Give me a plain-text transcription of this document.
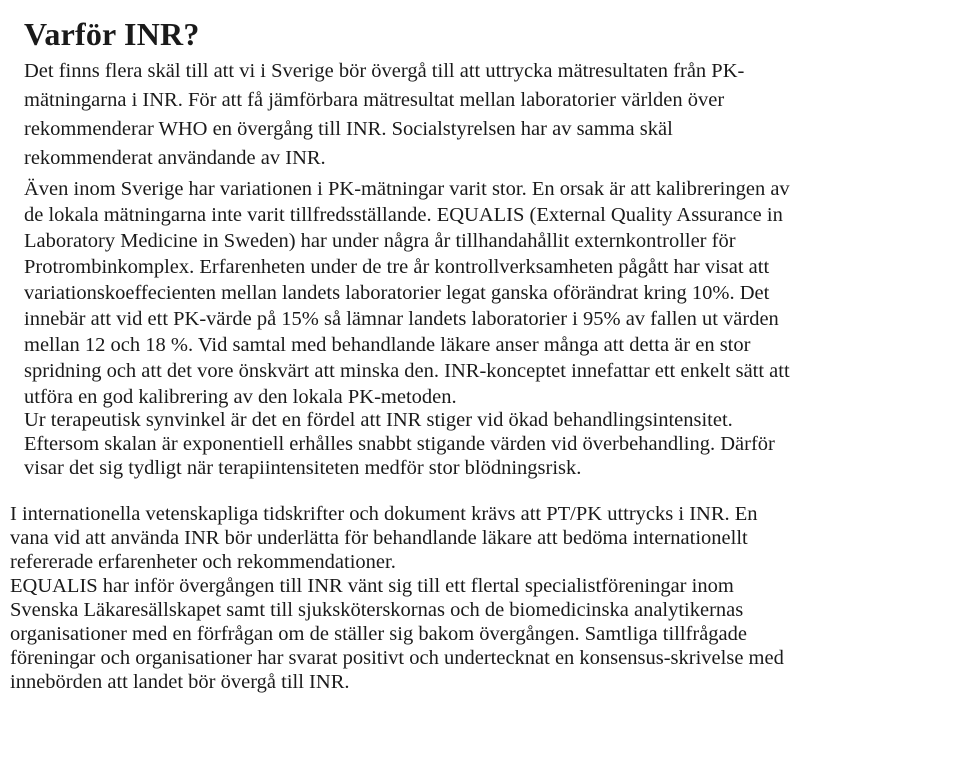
Varför INR?

Det finns flera skäl till att vi i Sverige bör övergå till att uttrycka mätresultaten från PK-

mätningarna i INR. För att få jämförbara mätresultat mellan laboratorier världen över

rekommenderar WHO en övergång till INR. Socialstyrelsen har av samma skäl

rekommenderat användande av INR.

Även inom Sverige har variationen i PK-mätningar varit stor. En orsak är att kalibreringen av

de lokala mätningarna inte varit tillfredsställande. EQUALIS (External Quality Assurance in

Laboratory Medicine in Sweden) har under några år tillhandahållit externkontroller för

Protrombinkomplex. Erfarenheten under de tre år kontrollverksamheten pågått har visat att

variationskoeffecienten mellan landets laboratorier legat ganska oförändrat kring 10%. Det

innebär att vid ett PK-värde på 15% så lämnar landets laboratorier i 95% av fallen ut värden

mellan 12 och 18 %. Vid samtal med behandlande läkare anser många att detta är en stor

spridning och att det vore önskvärt att minska den. INR-konceptet innefattar ett enkelt sätt att

utföra en god kalibrering av den lokala PK-metoden.

Ur terapeutisk synvinkel är det en fördel att INR stiger vid ökad behandlingsintensitet.

Eftersom skalan är exponentiell erhålles snabbt stigande värden vid överbehandling. Därför

visar det sig tydligt när terapiintensiteten medför stor blödningsrisk.

I internationella vetenskapliga tidskrifter och dokument krävs att PT/PK uttrycks i INR. En

vana vid att använda INR bör underlätta för behandlande läkare att bedöma internationellt

refererade erfarenheter och rekommendationer.

EQUALIS har inför övergången till INR vänt sig till ett flertal specialistföreningar inom

Svenska Läkaresällskapet samt till sjuksköterskornas och de biomedicinska analytikernas

organisationer med en förfrågan om de ställer sig bakom övergången. Samtliga tillfrågade

föreningar och organisationer har svarat positivt och undertecknat en konsensus-skrivelse med

innebörden att landet bör övergå till INR.
